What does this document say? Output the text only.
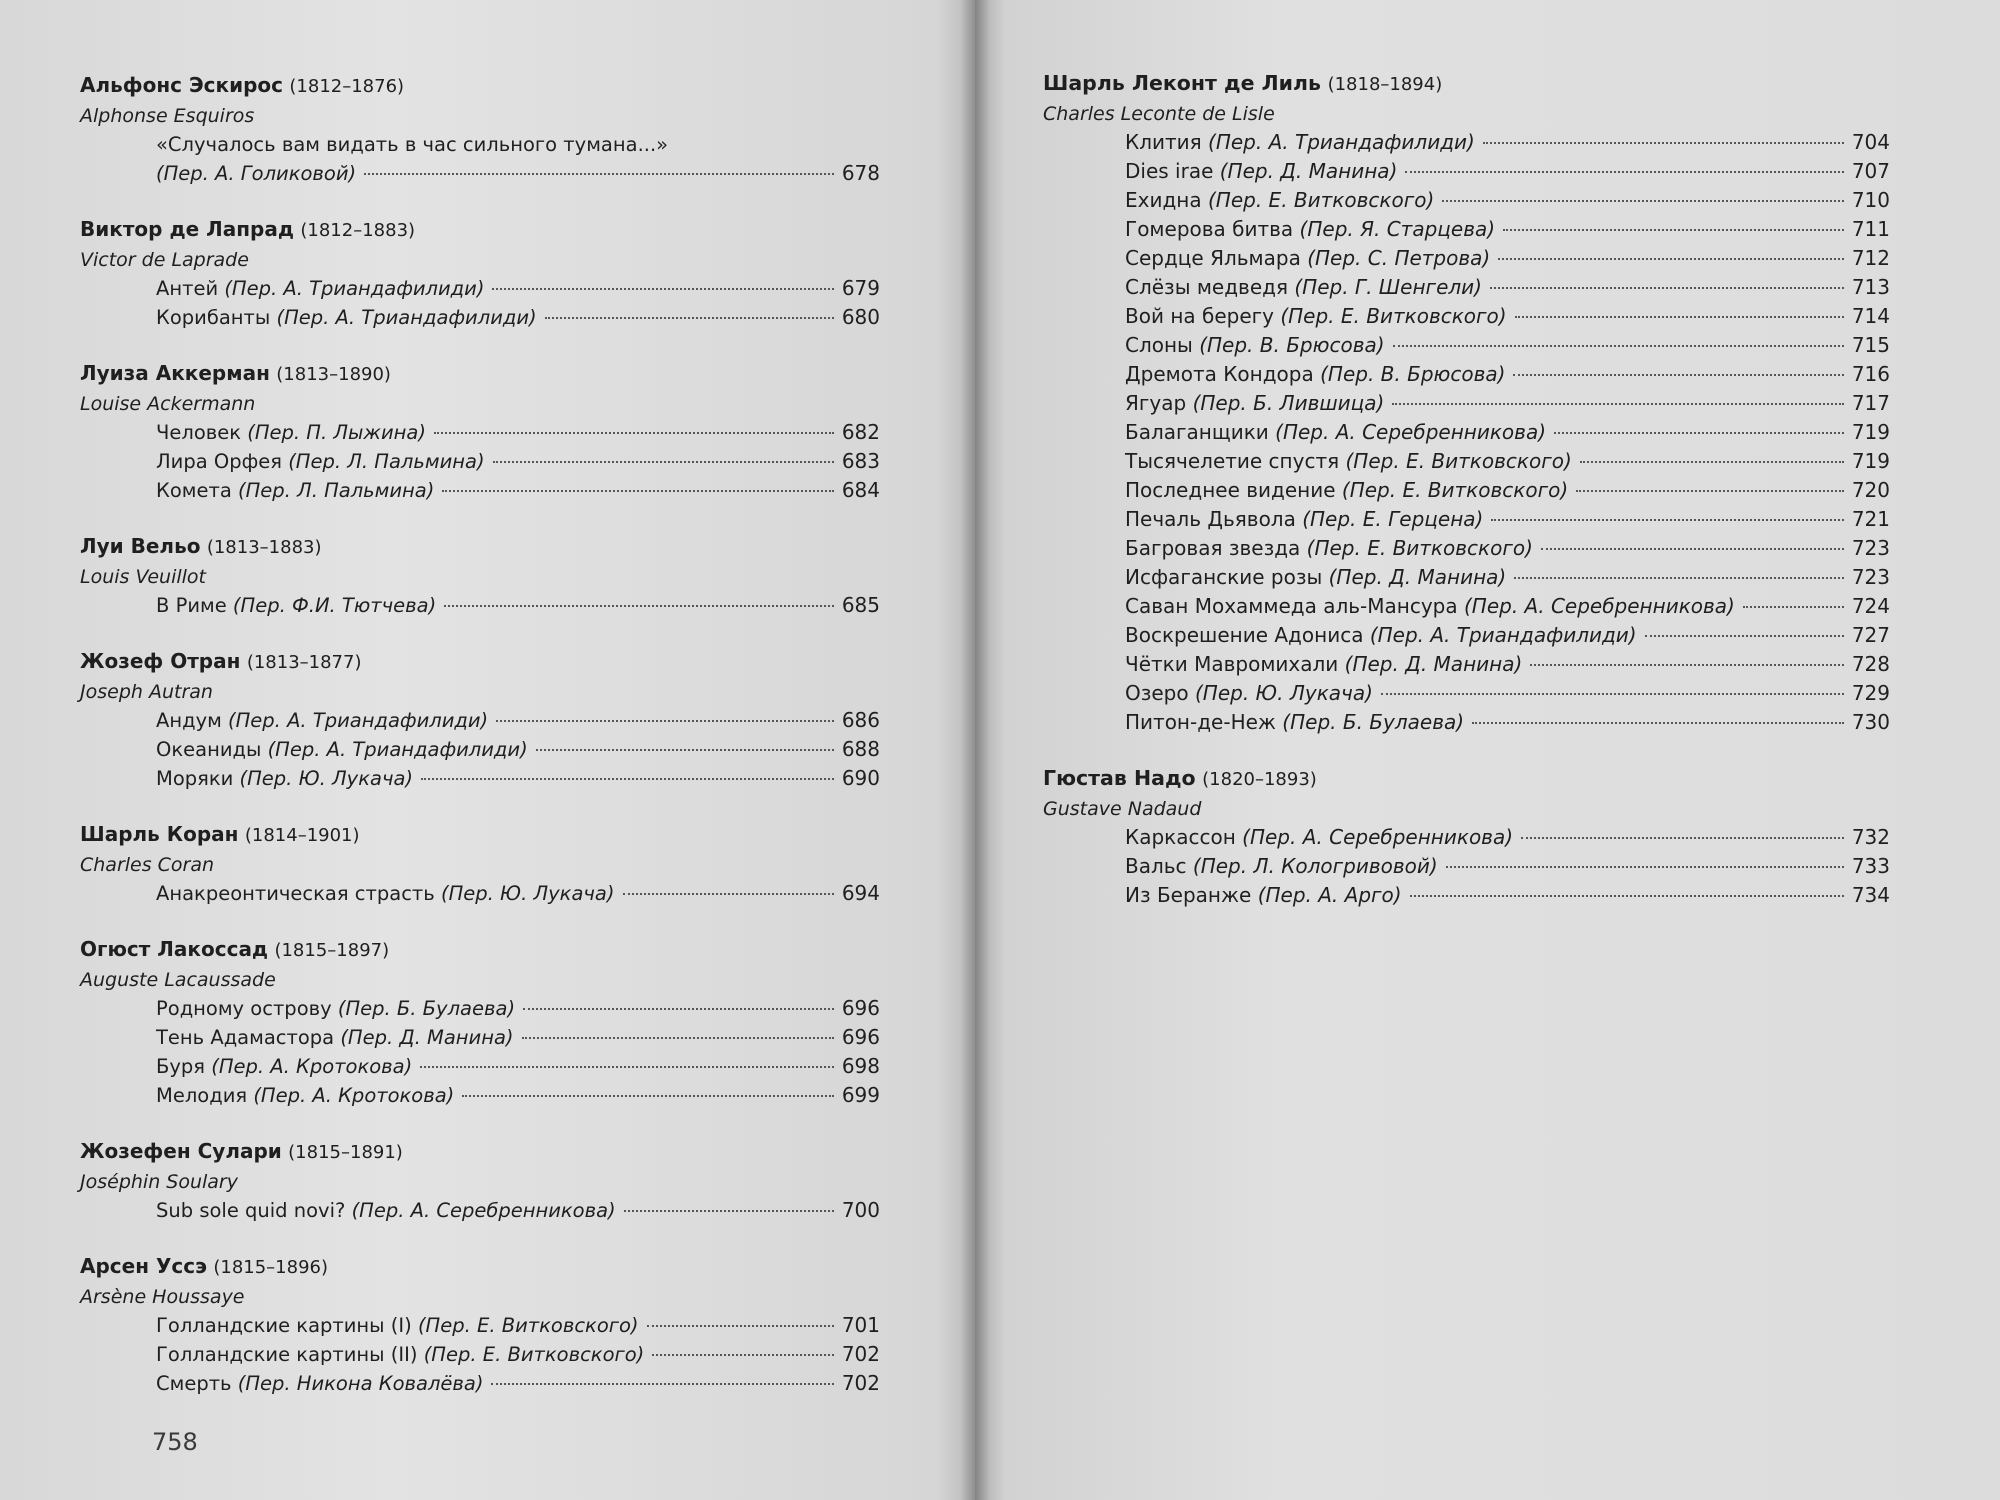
Альфонс Эскирос (1812–1876)
Alphonse Esquiros
«Случалось вам видать в час сильного тумана...»
(Пер. А. Голиковой)	678
Виктор де Лапрад (1812–1883)
Victor de Laprade
Антей (Пер. А. Триандафилиди)	679
Корибанты (Пер. А. Триандафилиди)	680
Луиза Аккерман (1813–1890)
Louise Ackermann
Человек (Пер. П. Лыжина)	682
Лира Орфея (Пер. Л. Пальмина)	683
Комета (Пер. Л. Пальмина)	684
Луи Вельо (1813–1883)
Louis Veuillot
В Риме (Пер. Ф.И. Тютчева)	685
Жозеф Отран (1813–1877)
Joseph Autran
Андум (Пер. А. Триандафилиди)	686
Океаниды (Пер. А. Триандафилиди)	688
Моряки (Пер. Ю. Лукача)	690
Шарль Коран (1814–1901)
Charles Coran
Анакреонтическая страсть (Пер. Ю. Лукача)	694
Огюст Лакоссад (1815–1897)
Auguste Lacaussade
Родному острову (Пер. Б. Булаева)	696
Тень Адамастора (Пер. Д. Манина)	696
Буря (Пер. А. Кротокова)	698
Мелодия (Пер. А. Кротокова)	699
Жозефен Сулари (1815–1891)
Joséphin Soulary
Sub sole quid novi? (Пер. А. Серебренникова)	700
Арсен Уссэ (1815–1896)
Arsène Houssaye
Голландские картины (I) (Пер. Е. Витковского)	701
Голландские картины (II) (Пер. Е. Витковского)	702
Смерть (Пер. Никона Ковалёва)	702
758
Шарль Леконт де Лиль (1818–1894)
Charles Leconte de Lisle
Клития (Пер. А. Триандафилиди)	704
Dies irae (Пер. Д. Манина)	707
Ехидна (Пер. Е. Витковского)	710
Гомерова битва (Пер. Я. Старцева)	711
Сердце Яльмара (Пер. С. Петрова)	712
Слёзы медведя (Пер. Г. Шенгели)	713
Вой на берегу (Пер. Е. Витковского)	714
Слоны (Пер. В. Брюсова)	715
Дремота Кондора (Пер. В. Брюсова)	716
Ягуар (Пер. Б. Лившица)	717
Балаганщики (Пер. А. Серебренникова)	719
Тысячелетие спустя (Пер. Е. Витковского)	719
Последнее видение (Пер. Е. Витковского)	720
Печаль Дьявола (Пер. Е. Герцена)	721
Багровая звезда (Пер. Е. Витковского)	723
Исфаганские розы (Пер. Д. Манина)	723
Саван Мохаммеда аль-Мансура (Пер. А. Серебренникова)	724
Воскрешение Адониса (Пер. А. Триандафилиди)	727
Чётки Мавромихали (Пер. Д. Манина)	728
Озеро (Пер. Ю. Лукача)	729
Питон-де-Неж (Пер. Б. Булаева)	730
Гюстав Надо (1820–1893)
Gustave Nadaud
Каркассон (Пер. А. Серебренникова)	732
Вальс (Пер. Л. Кологривовой)	733
Из Беранже (Пер. А. Арго)	734
